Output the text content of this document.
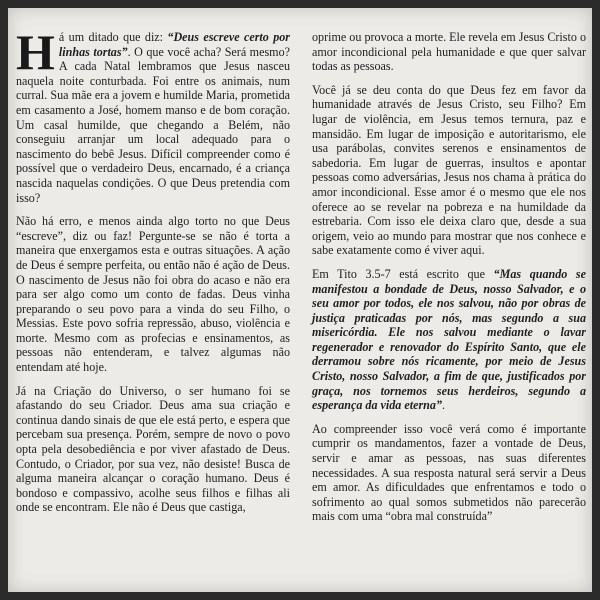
Há um ditado que diz: “Deus escreve certo por linhas tortas”. O que você acha? Será mesmo? A cada Natal lembramos que Jesus nasceu naquela noite conturbada. Foi entre os animais, num curral. Sua mãe era a jovem e humilde Maria, prometida em casamento a José, homem manso e de bom coração. Um casal humilde, que chegando a Belém, não conseguiu arranjar um local adequado para o nascimento do bebê Jesus. Difícil compreender como é possível que o verdadeiro Deus, encarnado, é a criança nascida naquelas condições. O que Deus pretendia com isso?

Não há erro, e menos ainda algo torto no que Deus “escreve”, diz ou faz! Pergunte-se se não é torta a maneira que enxergamos esta e outras situações. A ação de Deus é sempre perfeita, ou então não é ação de Deus. O nascimento de Jesus não foi obra do acaso e não era para ser algo como um conto de fadas. Deus vinha preparando o seu povo para a vinda do seu Filho, o Messias. Este povo sofria repressão, abuso, violência e morte. Mesmo com as profecias e ensinamentos, as pessoas não entenderam, e talvez algumas não entendam até hoje.

Já na Criação do Universo, o ser humano foi se afastando do seu Criador. Deus ama sua criação e continua dando sinais de que ele está perto, e espera que percebam sua presença. Porém, sempre de novo o povo opta pela desobediência e por viver afastado de Deus. Contudo, o Criador, por sua vez, não desiste! Busca de alguma maneira alcançar o coração humano. Deus é bondoso e compassivo, acolhe seus filhos e filhas ali onde se encontram. Ele não é Deus que castiga,

oprime ou provoca a morte. Ele revela em Jesus Cristo o amor incondicional pela humanidade e que quer salvar todas as pessoas.

Você já se deu conta do que Deus fez em favor da humanidade através de Jesus Cristo, seu Filho? Em lugar de violência, em Jesus temos ternura, paz e mansidão. Em lugar de imposição e autoritarismo, ele usa parábolas, convites serenos e ensinamentos de sabedoria. Em lugar de guerras, insultos e apontar pessoas como adversárias, Jesus nos chama à prática do amor incondicional. Esse amor é o mesmo que ele nos oferece ao se revelar na pobreza e na humildade da estrebaria. Com isso ele deixa claro que, desde a sua origem, veio ao mundo para mostrar que nos conhece e sabe exatamente como é viver aqui.

Em Tito 3.5-7 está escrito que “Mas quando se manifestou a bondade de Deus, nosso Salvador, e o seu amor por todos, ele nos salvou, não por obras de justiça praticadas por nós, mas segundo a sua misericórdia. Ele nos salvou mediante o lavar regenerador e renovador do Espírito Santo, que ele derramou sobre nós ricamente, por meio de Jesus Cristo, nosso Salvador, a fim de que, justificados por graça, nos tornemos seus herdeiros, segundo a esperança da vida eterna”.

Ao compreender isso você verá como é importante cumprir os mandamentos, fazer a vontade de Deus, servir e amar as pessoas, nas suas diferentes necessidades. A sua resposta natural será servir a Deus em amor. As dificuldades que enfrentamos e todo o sofrimento ao qual somos submetidos não parecerão mais com uma “obra mal construída”
